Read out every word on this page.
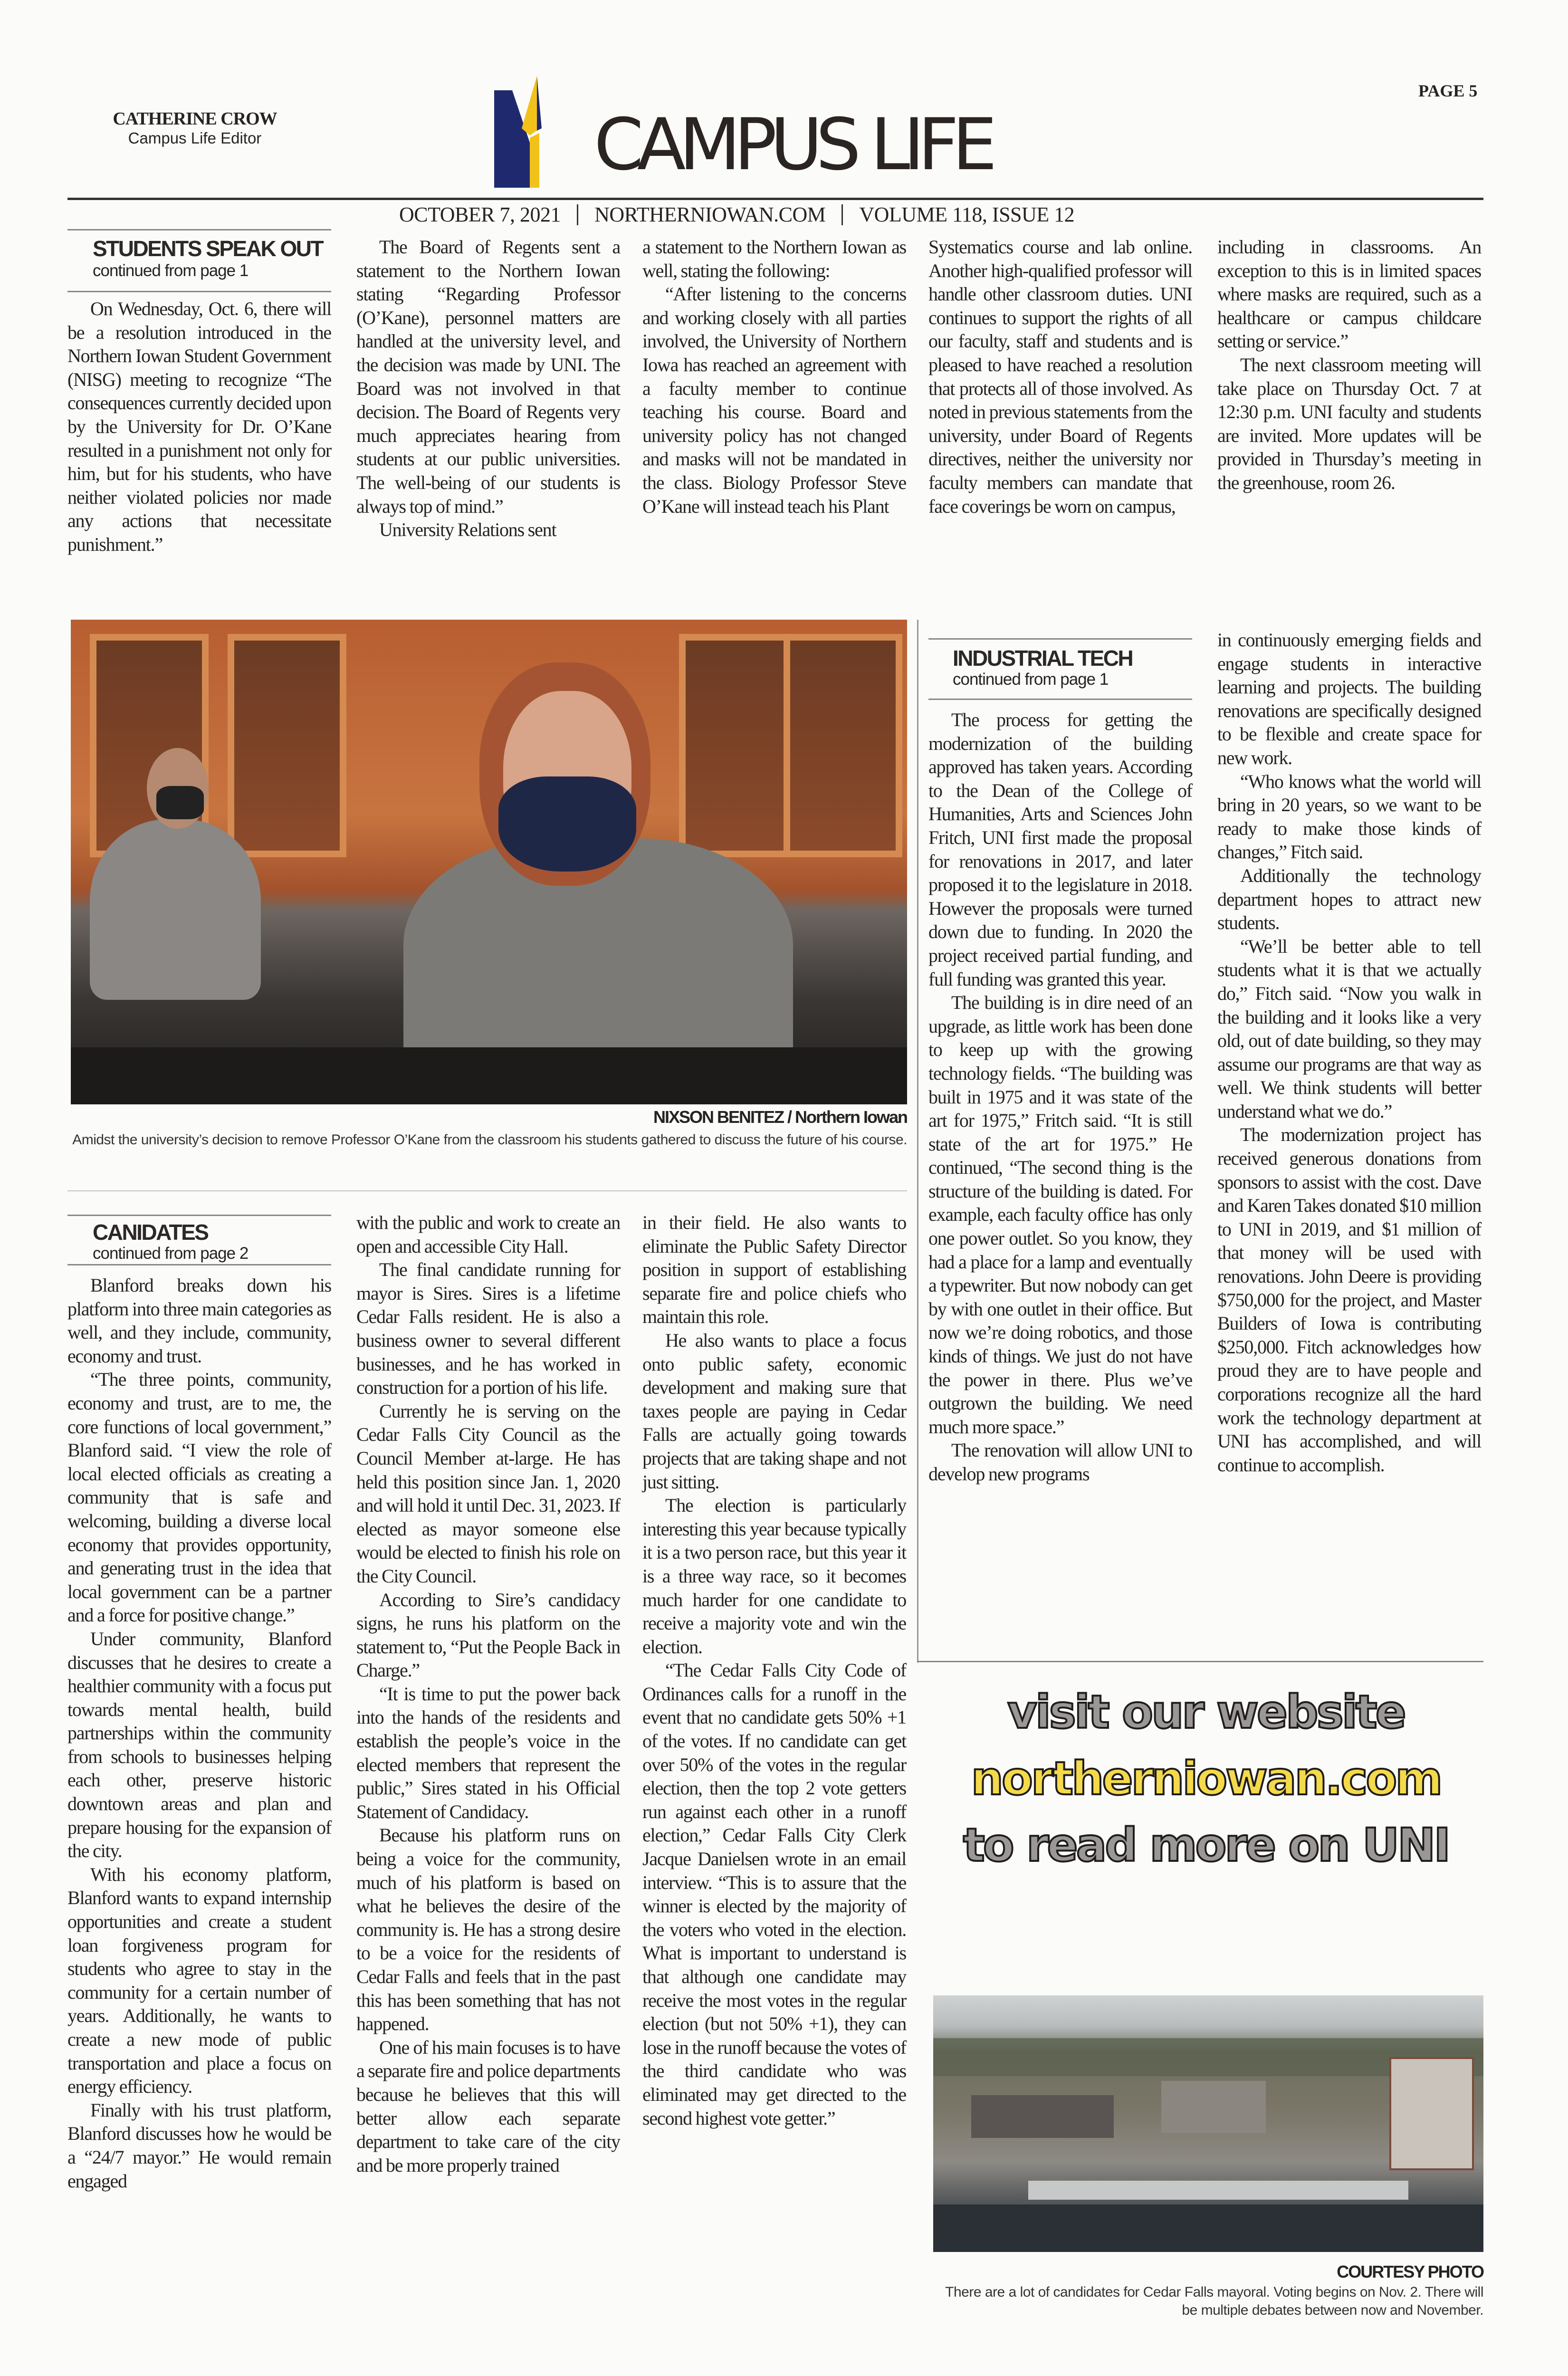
CATHERINE CROW
Campus Life Editor	CAMPUS LIFE
PAGE 5
OCTOBER 7, 2021 NORTHERNIOWAN.COM VOLUME 118, ISSUE 12
STUDENTS SPEAK OUT
continued from page 1

On Wednesday, Oct. 6, there will be a resolution introduced in the Northern Iowan Student Government (NISG) meeting to recognize “The consequences currently decided upon by the University for Dr. O’Kane resulted in a punishment not only for him, but for his students, who have neither violated policies nor made any actions that necessitate punishment.”

The Board of Regents sent a statement to the Northern Iowan stating “Regarding Professor (O’Kane), personnel matters are handled at the university level, and the decision was made by UNI. The Board was not involved in that decision. The Board of Regents very much appreciates hearing from students at our public universities. The well-being of our students is always top of mind.”

University Relations sent

a statement to the Northern Iowan as well, stating the following:

“After listening to the concerns and working closely with all parties involved, the University of Northern Iowa has reached an agreement with a faculty member to continue teaching his course. Board and university policy has not changed and masks will not be mandated in the class. Biology Professor Steve O’Kane will instead teach his Plant

Systematics course and lab online. Another high-qualified professor will handle other classroom duties. UNI continues to support the rights of all our faculty, staff and students and is pleased to have reached a resolution that protects all of those involved. As noted in previous statements from the university, under Board of Regents directives, neither the university nor faculty members can mandate that face coverings be worn on campus,

including in classrooms. An exception to this is in limited spaces where masks are required, such as a healthcare or campus childcare setting or service.”

The next classroom meeting will take place on Thursday Oct. 7 at 12:30 p.m. UNI faculty and students are invited. More updates will be provided in Thursday’s meeting in the greenhouse, room 26.

NIXSON BENITEZ / Northern Iowan
Amidst the university’s decision to remove Professor O’Kane from the classroom his students gathered to discuss the future of his course.
INDUSTRIAL TECH
continued from page 1

The process for getting the modernization of the building approved has taken years. According to the Dean of the College of Humanities, Arts and Sciences John Fritch, UNI first made the proposal for renovations in 2017, and later proposed it to the legislature in 2018. However the proposals were turned down due to funding. In 2020 the project received partial funding, and full funding was granted this year.

The building is in dire need of an upgrade, as little work has been done to keep up with the growing technology fields. “The building was built in 1975 and it was state of the art for 1975,” Fritch said. “It is still state of the art for 1975.” He continued, “The second thing is the structure of the building is dated. For example, each faculty office has only one power outlet. So you know, they had a place for a lamp and eventually a typewriter. But now nobody can get by with one outlet in their office. But now we’re doing robotics, and those kinds of things. We just do not have the power in there. Plus we’ve outgrown the building. We need much more space.”

The renovation will allow UNI to develop new programs

in continuously emerging fields and engage students in interactive learning and projects. The building renovations are specifically designed to be flexible and create space for new work.

“Who knows what the world will bring in 20 years, so we want to be ready to make those kinds of changes,” Fitch said.

Additionally the technology department hopes to attract new students.

“We’ll be better able to tell students what it is that we actually do,” Fitch said. “Now you walk in the building and it looks like a very old, out of date building, so they may assume our programs are that way as well. We think students will better understand what we do.”

The modernization project has received generous donations from sponsors to assist with the cost. Dave and Karen Takes donated $10 million to UNI in 2019, and $1 million of that money will be used with renovations. John Deere is providing $750,000 for the project, and Master Builders of Iowa is contributing $250,000. Fitch acknowledges how proud they are to have people and corporations recognize all the hard work the technology department at UNI has accomplished, and will continue to accomplish.

CANIDATES
continued from page 2

Blanford breaks down his platform into three main categories as well, and they include, community, economy and trust.

“The three points, community, economy and trust, are to me, the core functions of local government,” Blanford said. “I view the role of local elected officials as creating a community that is safe and welcoming, building a diverse local economy that provides opportunity, and generating trust in the idea that local government can be a partner and a force for positive change.”

Under community, Blanford discusses that he desires to create a healthier community with a focus put towards mental health, build partnerships within the community from schools to businesses helping each other, preserve historic downtown areas and plan and prepare housing for the expansion of the city.

With his economy platform, Blanford wants to expand internship opportunities and create a student loan forgiveness program for students who agree to stay in the community for a certain number of years. Additionally, he wants to create a new mode of public transportation and place a focus on energy efficiency.

Finally with his trust platform, Blanford discusses how he would be a “24/7 mayor.” He would remain engaged

with the public and work to create an open and accessible City Hall.

The final candidate running for mayor is Sires. Sires is a lifetime Cedar Falls resident. He is also a business owner to several different businesses, and he has worked in construction for a portion of his life.

Currently he is serving on the Cedar Falls City Council as the Council Member at-large. He has held this position since Jan. 1, 2020 and will hold it until Dec. 31, 2023. If elected as mayor someone else would be elected to finish his role on the City Council.

According to Sire’s candidacy signs, he runs his platform on the statement to, “Put the People Back in Charge.”

“It is time to put the power back into the hands of the residents and establish the people’s voice in the elected members that represent the public,” Sires stated in his Official Statement of Candidacy.

Because his platform runs on being a voice for the community, much of his platform is based on what he believes the desire of the community is. He has a strong desire to be a voice for the residents of Cedar Falls and feels that in the past this has been something that has not happened.

One of his main focuses is to have a separate fire and police departments because he believes that this will better allow each separate department to take care of the city and be more properly trained

in their field. He also wants to eliminate the Public Safety Director position in support of establishing separate fire and police chiefs who maintain this role.

He also wants to place a focus onto public safety, economic development and making sure that taxes people are paying in Cedar Falls are actually going towards projects that are taking shape and not just sitting.

The election is particularly interesting this year because typically it is a two person race, but this year it is a three way race, so it becomes much harder for one candidate to receive a majority vote and win the election.

“The Cedar Falls City Code of Ordinances calls for a runoff in the event that no candidate gets 50% +1 of the votes. If no candidate can get over 50% of the votes in the regular election, then the top 2 vote getters run against each other in a runoff election,” Cedar Falls City Clerk Jacque Danielsen wrote in an email interview. “This is to assure that the winner is elected by the majority of the voters who voted in the election. What is important to understand is that although one candidate may receive the most votes in the regular election (but not 50% +1), they can lose in the runoff because the votes of the third candidate who was eliminated may get directed to the second highest vote getter.”

visit our website
northerniowan.com
to read more on UNI
COURTESY PHOTO
There are a lot of candidates for Cedar Falls mayoral. Voting begins on Nov. 2. There will be multiple debates between now and November.
